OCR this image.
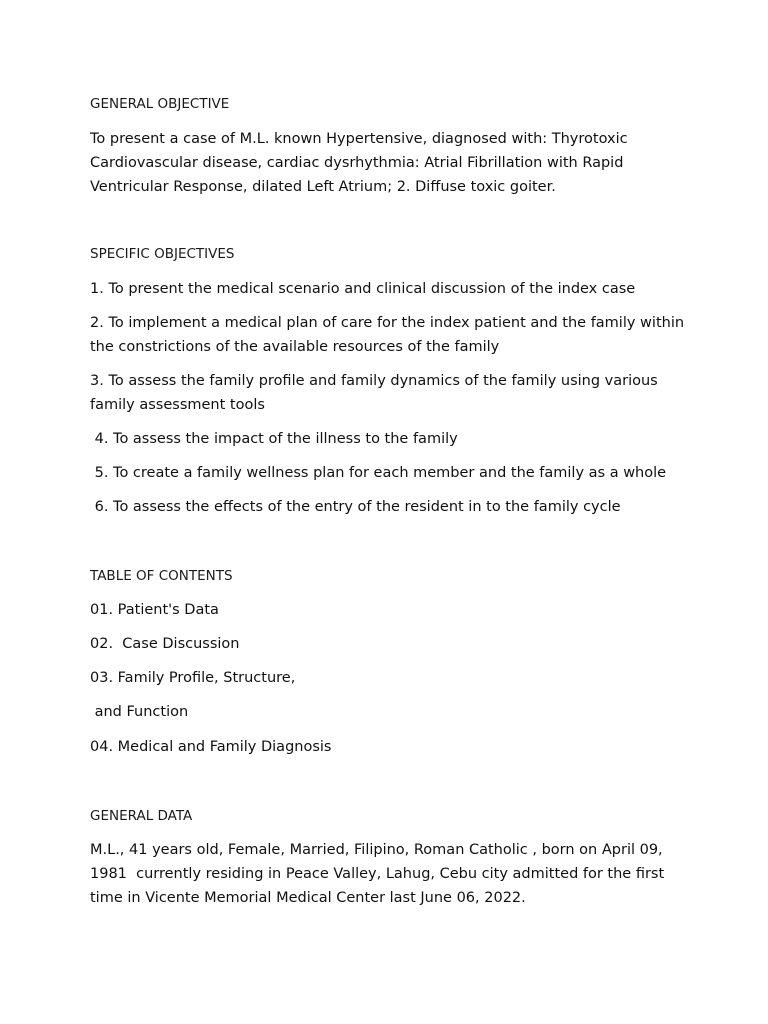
GENERAL OBJECTIVE
To present a case of M.L. known Hypertensive, diagnosed with: Thyrotoxic
Cardiovascular disease, cardiac dysrhythmia: Atrial Fibrillation with Rapid
Ventricular Response, dilated Left Atrium; 2. Diffuse toxic goiter.
SPECIFIC OBJECTIVES
1. To present the medical scenario and clinical discussion of the index case
2. To implement a medical plan of care for the index patient and the family within
the constrictions of the available resources of the family
3. To assess the family profile and family dynamics of the family using various
family assessment tools
4. To assess the impact of the illness to the family
5. To create a family wellness plan for each member and the family as a whole
6. To assess the effects of the entry of the resident in to the family cycle
TABLE OF CONTENTS
01. Patient's Data
02.  Case Discussion
03. Family Profile, Structure,
and Function
04. Medical and Family Diagnosis
GENERAL DATA
M.L., 41 years old, Female, Married, Filipino, Roman Catholic , born on April 09,
1981  currently residing in Peace Valley, Lahug, Cebu city admitted for the first
time in Vicente Memorial Medical Center last June 06, 2022.
